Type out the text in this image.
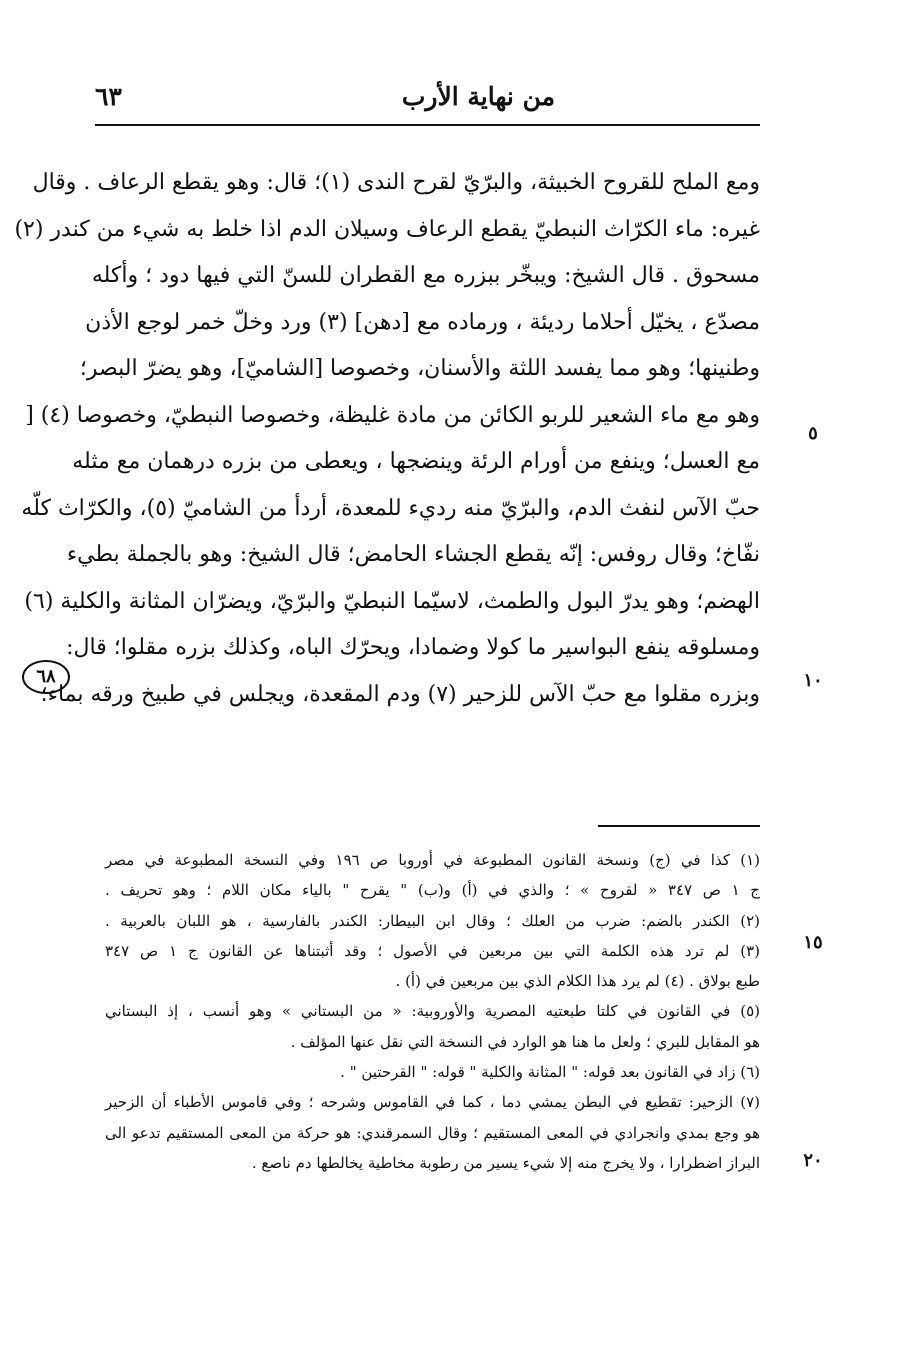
من نهاية الأرب
٦٣
ومع الملح للقروح الخبيثة، والبرّيّ لقرح الندى (١)؛ قال: وهو يقطع الرعاف . وقال
غيره: ماء الكرّاث النبطيّ يقطع الرعاف وسيلان الدم اذا خلط به شيء من كندر (٢)
مسحوق . قال الشيخ: ويبخّر ببزره مع القطران للسنّ التي فيها دود ؛ وأكله
مصدّع ، يخيّل أحلاما رديئة ، ورماده مع [دهن] (٣) ورد وخلّ خمر لوجع الأذن
وطنينها؛ وهو مما يفسد اللثة والأسنان، وخصوصا [الشاميّ]، وهو يضرّ البصر؛
وهو مع ماء الشعير للربو الكائن من مادة غليظة، وخصوصا النبطيّ، وخصوصا (٤) [
مع العسل؛ وينفع من أورام الرئة وينضجها ، ويعطى من بزره درهمان مع مثله
حبّ الآس لنفث الدم، والبرّيّ منه رديء للمعدة، أردأ من الشاميّ (٥)، والكرّاث كلّه
نفّاخ؛ وقال روفس: إنّه يقطع الجشاء الحامض؛ قال الشيخ: وهو بالجملة بطيء
الهضم؛ وهو يدرّ البول والطمث، لاسيّما النبطيّ والبرّيّ، ويضرّان المثانة والكلية (٦)
ومسلوقه ينفع البواسير ما كولا وضمادا، ويحرّك الباه، وكذلك بزره مقلوا؛ قال:
وبزره مقلوا مع حبّ الآس للزحير (٧) ودم المقعدة، ويجلس في طبيخ ورقه بماء؛
٥
١٠
١٥
٢٠
٦٨
(١) كذا في (ج) ونسخة القانون المطبوعة في أوروبا ص ١٩٦ وفي النسخة المطبوعة في مصر
ج ١ ص ٣٤٧ « لقروح » ؛ والذي في (أ) و(ب) " يقرح " بالياء مكان اللام ؛ وهو تحريف .
(٢) الكندر بالضم: ضرب من العلك ؛ وقال ابن البيطار: الكندر بالفارسية ، هو اللبان بالعربية .
(٣) لم ترد هذه الكلمة التي بين مربعين في الأصول ؛ وقد أثبتناها عن القانون ج ١ ص ٣٤٧
طبع بولاق . (٤) لم يرد هذا الكلام الذي بين مربعين في (أ) .
(٥) في القانون في كلتا طبعتيه المصرية والأوروبية: « من البستاني » وهو أنسب ، إذ البستاني
هو المقابل للبري ؛ ولعل ما هنا هو الوارد في النسخة التي نقل عنها المؤلف .
(٦) زاد في القانون بعد قوله: " المثانة والكلية " قوله: " القرحتين " .
(٧) الزحير: تقطيع في البطن يمشي دما ، كما في القاموس وشرحه ؛ وفي قاموس الأطباء أن الزحير
هو وجع بمدي وانجرادي في المعى المستقيم ؛ وقال السمرقندي: هو حركة من المعى المستقيم تدعو الى
البراز اضطرارا ، ولا يخرج منه إلا شيء يسير من رطوبة مخاطية يخالطها دم ناصع .
